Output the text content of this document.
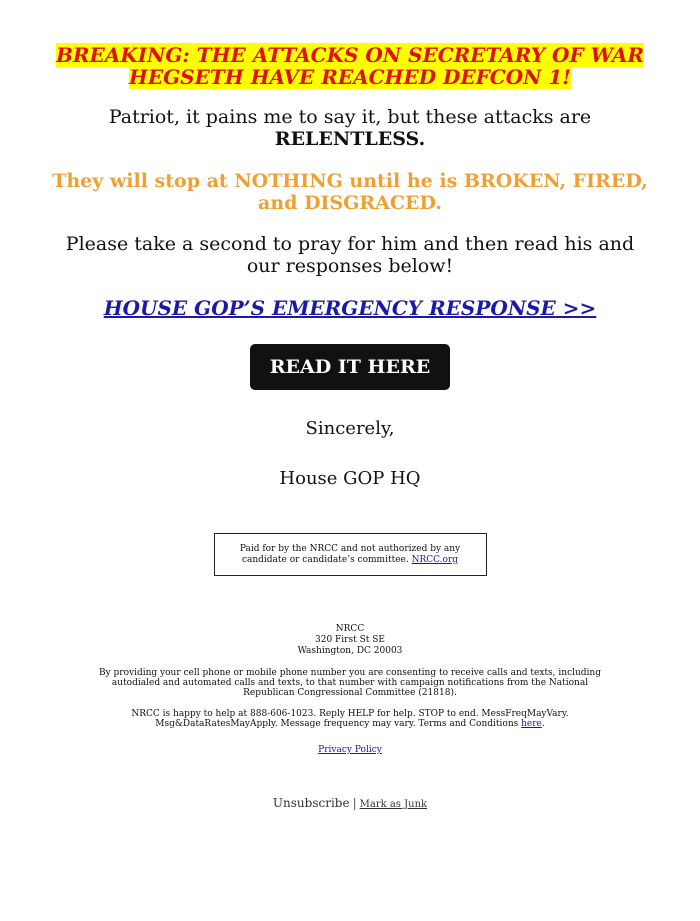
BREAKING: THE ATTACKS ON SECRETARY OF WAR HEGSETH HAVE REACHED DEFCON 1!
Patriot, it pains me to say it, but these attacks are
RELENTLESS.
They will stop at NOTHING until he is BROKEN, FIRED, and DISGRACED.
Please take a second to pray for him and then read his and our responses below!
HOUSE GOP’S EMERGENCY RESPONSE >>
READ IT HERE
Sincerely,
House GOP HQ
Paid for by the NRCC and not authorized by any candidate or candidate’s committee. NRCC.org
NRCC
320 First St SE
Washington, DC 20003
By providing your cell phone or mobile phone number you are consenting to receive calls and texts, including autodialed and automated calls and texts, to that number with campaign notifications from the National Republican Congressional Committee (21818).
NRCC is happy to help at 888-606-1023. Reply HELP for help. STOP to end. MessFreqMayVary. Msg&DataRatesMayApply. Message frequency may vary. Terms and Conditions here.
Privacy Policy
Unsubscribe | Mark as Junk
